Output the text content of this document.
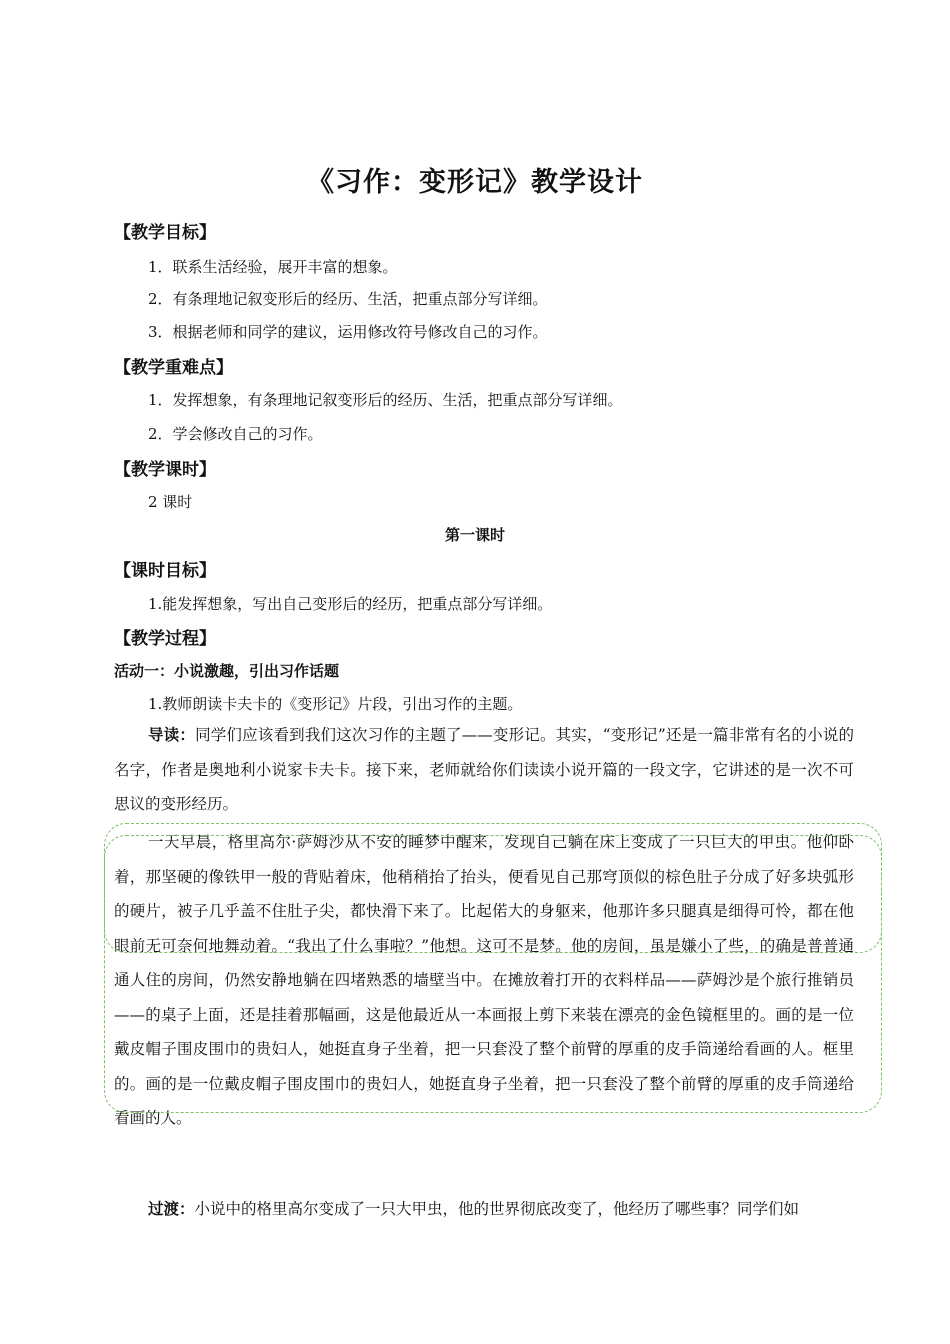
《习作：变形记》教学设计
【教学目标】
1．联系生活经验，展开丰富的想象。
2．有条理地记叙变形后的经历、生活，把重点部分写详细。
3．根据老师和同学的建议，运用修改符号修改自己的习作。
【教学重难点】
1．发挥想象，有条理地记叙变形后的经历、生活，把重点部分写详细。
2．学会修改自己的习作。
【教学课时】
2 课时
第一课时
【课时目标】
1.能发挥想象，写出自己变形后的经历，把重点部分写详细。
【教学过程】
活动一：小说激趣，引出习作话题
1.教师朗读卡夫卡的《变形记》片段，引出习作的主题。
导读：同学们应该看到我们这次习作的主题了——变形记。其实，“变形记”还是一篇非常有名的小说的名字，作者是奥地利小说家卡夫卡。接下来，老师就给你们读读小说开篇的一段文字，它讲述的是一次不可思议的变形经历。
一天早晨，格里高尔·萨姆沙从不安的睡梦中醒来，发现自己躺在床上变成了一只巨大的甲虫。他仰卧着，那坚硬的像铁甲一般的背贴着床，他稍稍抬了抬头，便看见自己那穹顶似的棕色肚子分成了好多块弧形的硬片，被子几乎盖不住肚子尖，都快滑下来了。比起偌大的身躯来，他那许多只腿真是细得可怜，都在他眼前无可奈何地舞动着。“我出了什么事啦？”他想。这可不是梦。他的房间，虽是嫌小了些，的确是普普通通人住的房间，仍然安静地躺在四堵熟悉的墙壁当中。在摊放着打开的衣料样品——萨姆沙是个旅行推销员——的桌子上面，还是挂着那幅画，这是他最近从一本画报上剪下来装在漂亮的金色镜框里的。画的是一位戴皮帽子围皮围巾的贵妇人，她挺直身子坐着，把一只套没了整个前臂的厚重的皮手筒递给看画的人。框里的。画的是一位戴皮帽子围皮围巾的贵妇人，她挺直身子坐着，把一只套没了整个前臂的厚重的皮手筒递给看画的人。
过渡：小说中的格里高尔变成了一只大甲虫，他的世界彻底改变了，他经历了哪些事？同学们如
